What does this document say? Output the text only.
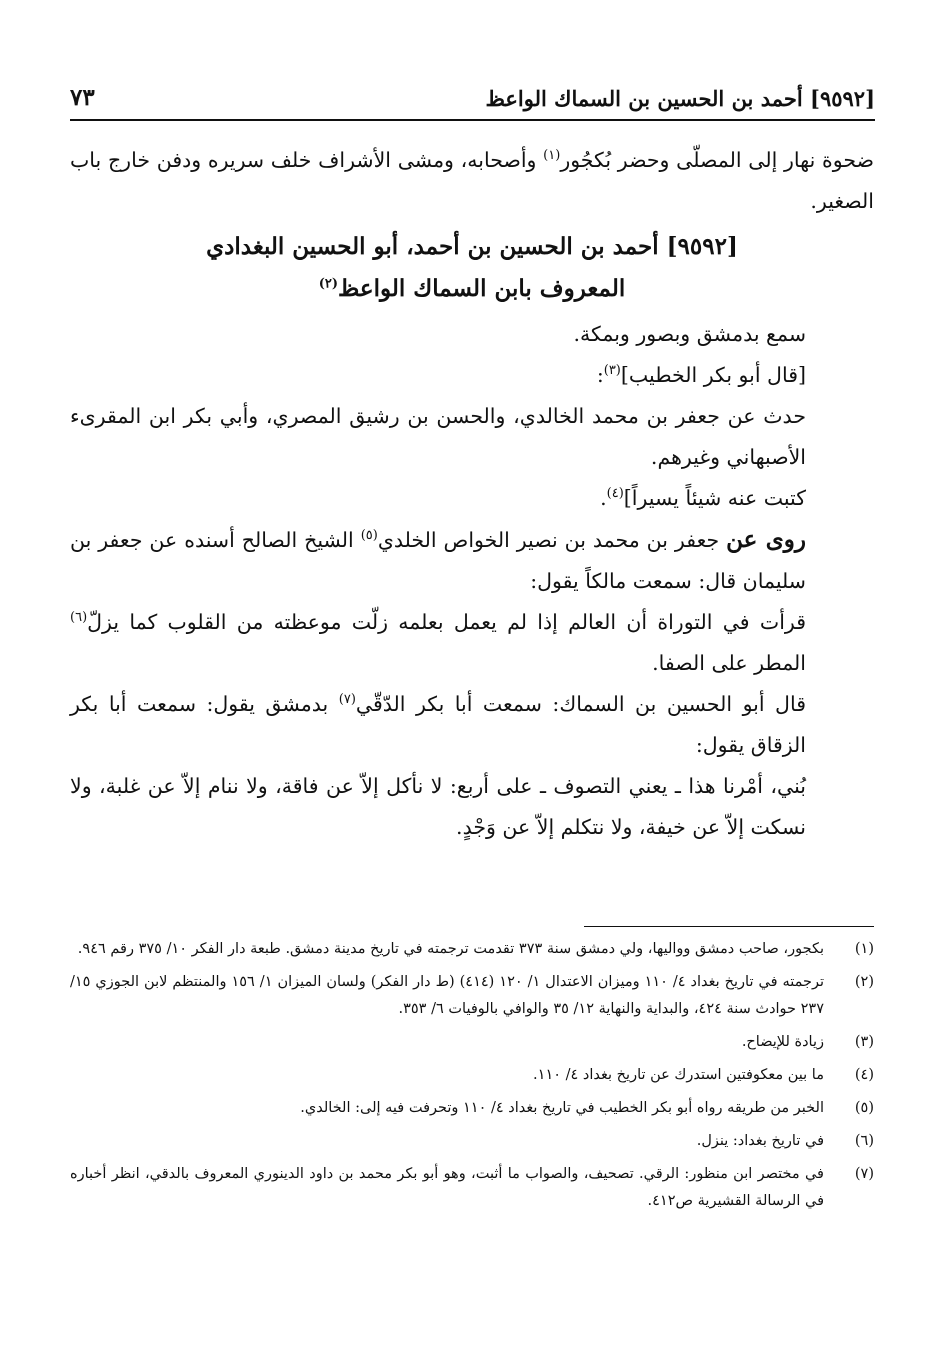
[٩٥٩٢] أحمد بن الحسين بن السماك الواعظ
٧٣

ضحوة نهار إلى المصلّى وحضر بُكجُور$^{(١)}$ وأصحابه، ومشى الأشراف خلف سريره ودفن خارج باب الصغير.

[٩٥٩٢] أحمد بن الحسين بن أحمد، أبو الحسين البغدادي
المعروف بابن السماك الواعظ$^{(٢)}$

سمع بدمشق وبصور وبمكة.

[قال أبو بكر الخطيب]$^{(٣)}$:

حدث عن جعفر بن محمد الخالدي، والحسن بن رشيق المصري، وأبي بكر ابن المقرىء الأصبهاني وغيرهم.

كتبت عنه شيئاً يسيراً]$^{(٤)}$.

روى عن جعفر بن محمد بن نصير الخواص الخلدي$^{(٥)}$ الشيخ الصالح أسنده عن جعفر بن سليمان قال: سمعت مالكاً يقول:

قرأت في التوراة أن العالم إذا لم يعمل بعلمه زلّت موعظته من القلوب كما يزلّ$^{(٦)}$ المطر على الصفا.

قال أبو الحسين بن السماك: سمعت أبا بكر الدّقّي$^{(٧)}$ بدمشق يقول: سمعت أبا بكر الزقاق يقول:

بُني، أمْرنا هذا ـ يعني التصوف ـ على أربع: لا نأكل إلاّ عن فاقة، ولا ننام إلاّ عن غلبة، ولا نسكت إلاّ عن خيفة، ولا نتكلم إلاّ عن وَجْدٍ.

(١)
بكجور، صاحب دمشق وواليها، ولي دمشق سنة ٣٧٣ تقدمت ترجمته في تاريخ مدينة دمشق. طبعة دار الفكر ١٠/ ٣٧٥ رقم ٩٤٦.
(٢)
ترجمته في تاريخ بغداد ٤/ ١١٠ وميزان الاعتدال ١/ ١٢٠ (٤١٤) (ط دار الفكر) ولسان الميزان ١/ ١٥٦ والمنتظم لابن الجوزي ١٥/ ٢٣٧ حوادث سنة ٤٢٤، والبداية والنهاية ١٢/ ٣٥ والوافي بالوفيات ٦/ ٣٥٣.
(٣)
زيادة للإيضاح.
(٤)
ما بين معكوفتين استدرك عن تاريخ بغداد ٤/ ١١٠.
(٥)
الخبر من طريقه رواه أبو بكر الخطيب في تاريخ بغداد ٤/ ١١٠ وتحرفت فيه إلى: الخالدي.
(٦)
في تاريخ بغداد: ينزل.
(٧)
في مختصر ابن منظور: الرقي. تصحيف، والصواب ما أثبت، وهو أبو بكر محمد بن داود الدينوري المعروف بالدقي، انظر أخباره في الرسالة القشيرية ص٤١٢.
